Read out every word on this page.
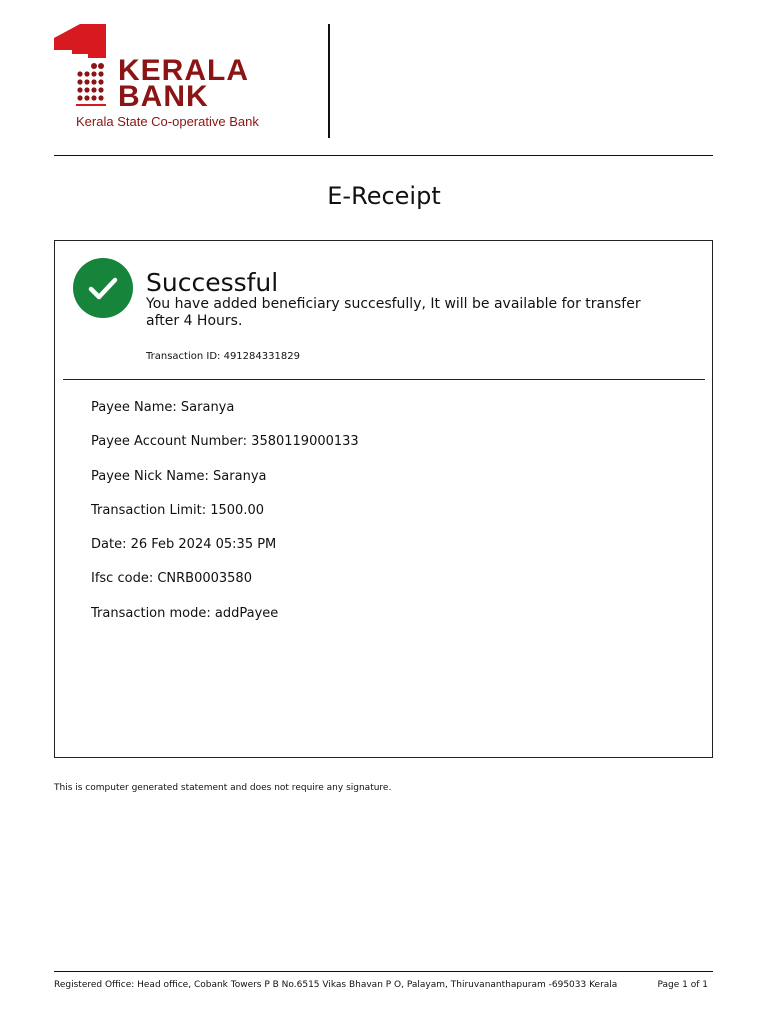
KERALA
BANK
Kerala State Co-operative Bank
E-Receipt
Successful
You have added beneficiary succesfully, It will be available for transfer after 4 Hours.
Transaction ID: 491284331829
Payee Name: Saranya
Payee Account Number: 3580119000133
Payee Nick Name: Saranya
Transaction Limit: 1500.00
Date: 26 Feb 2024 05:35 PM
Ifsc code: CNRB0003580
Transaction mode: addPayee
This is computer generated statement and does not require any signature.
Registered Office: Head office, Cobank Towers P B No.6515 Vikas Bhavan P O, Palayam, Thiruvananthapuram -695033 Kerala	Page 1 of 1
